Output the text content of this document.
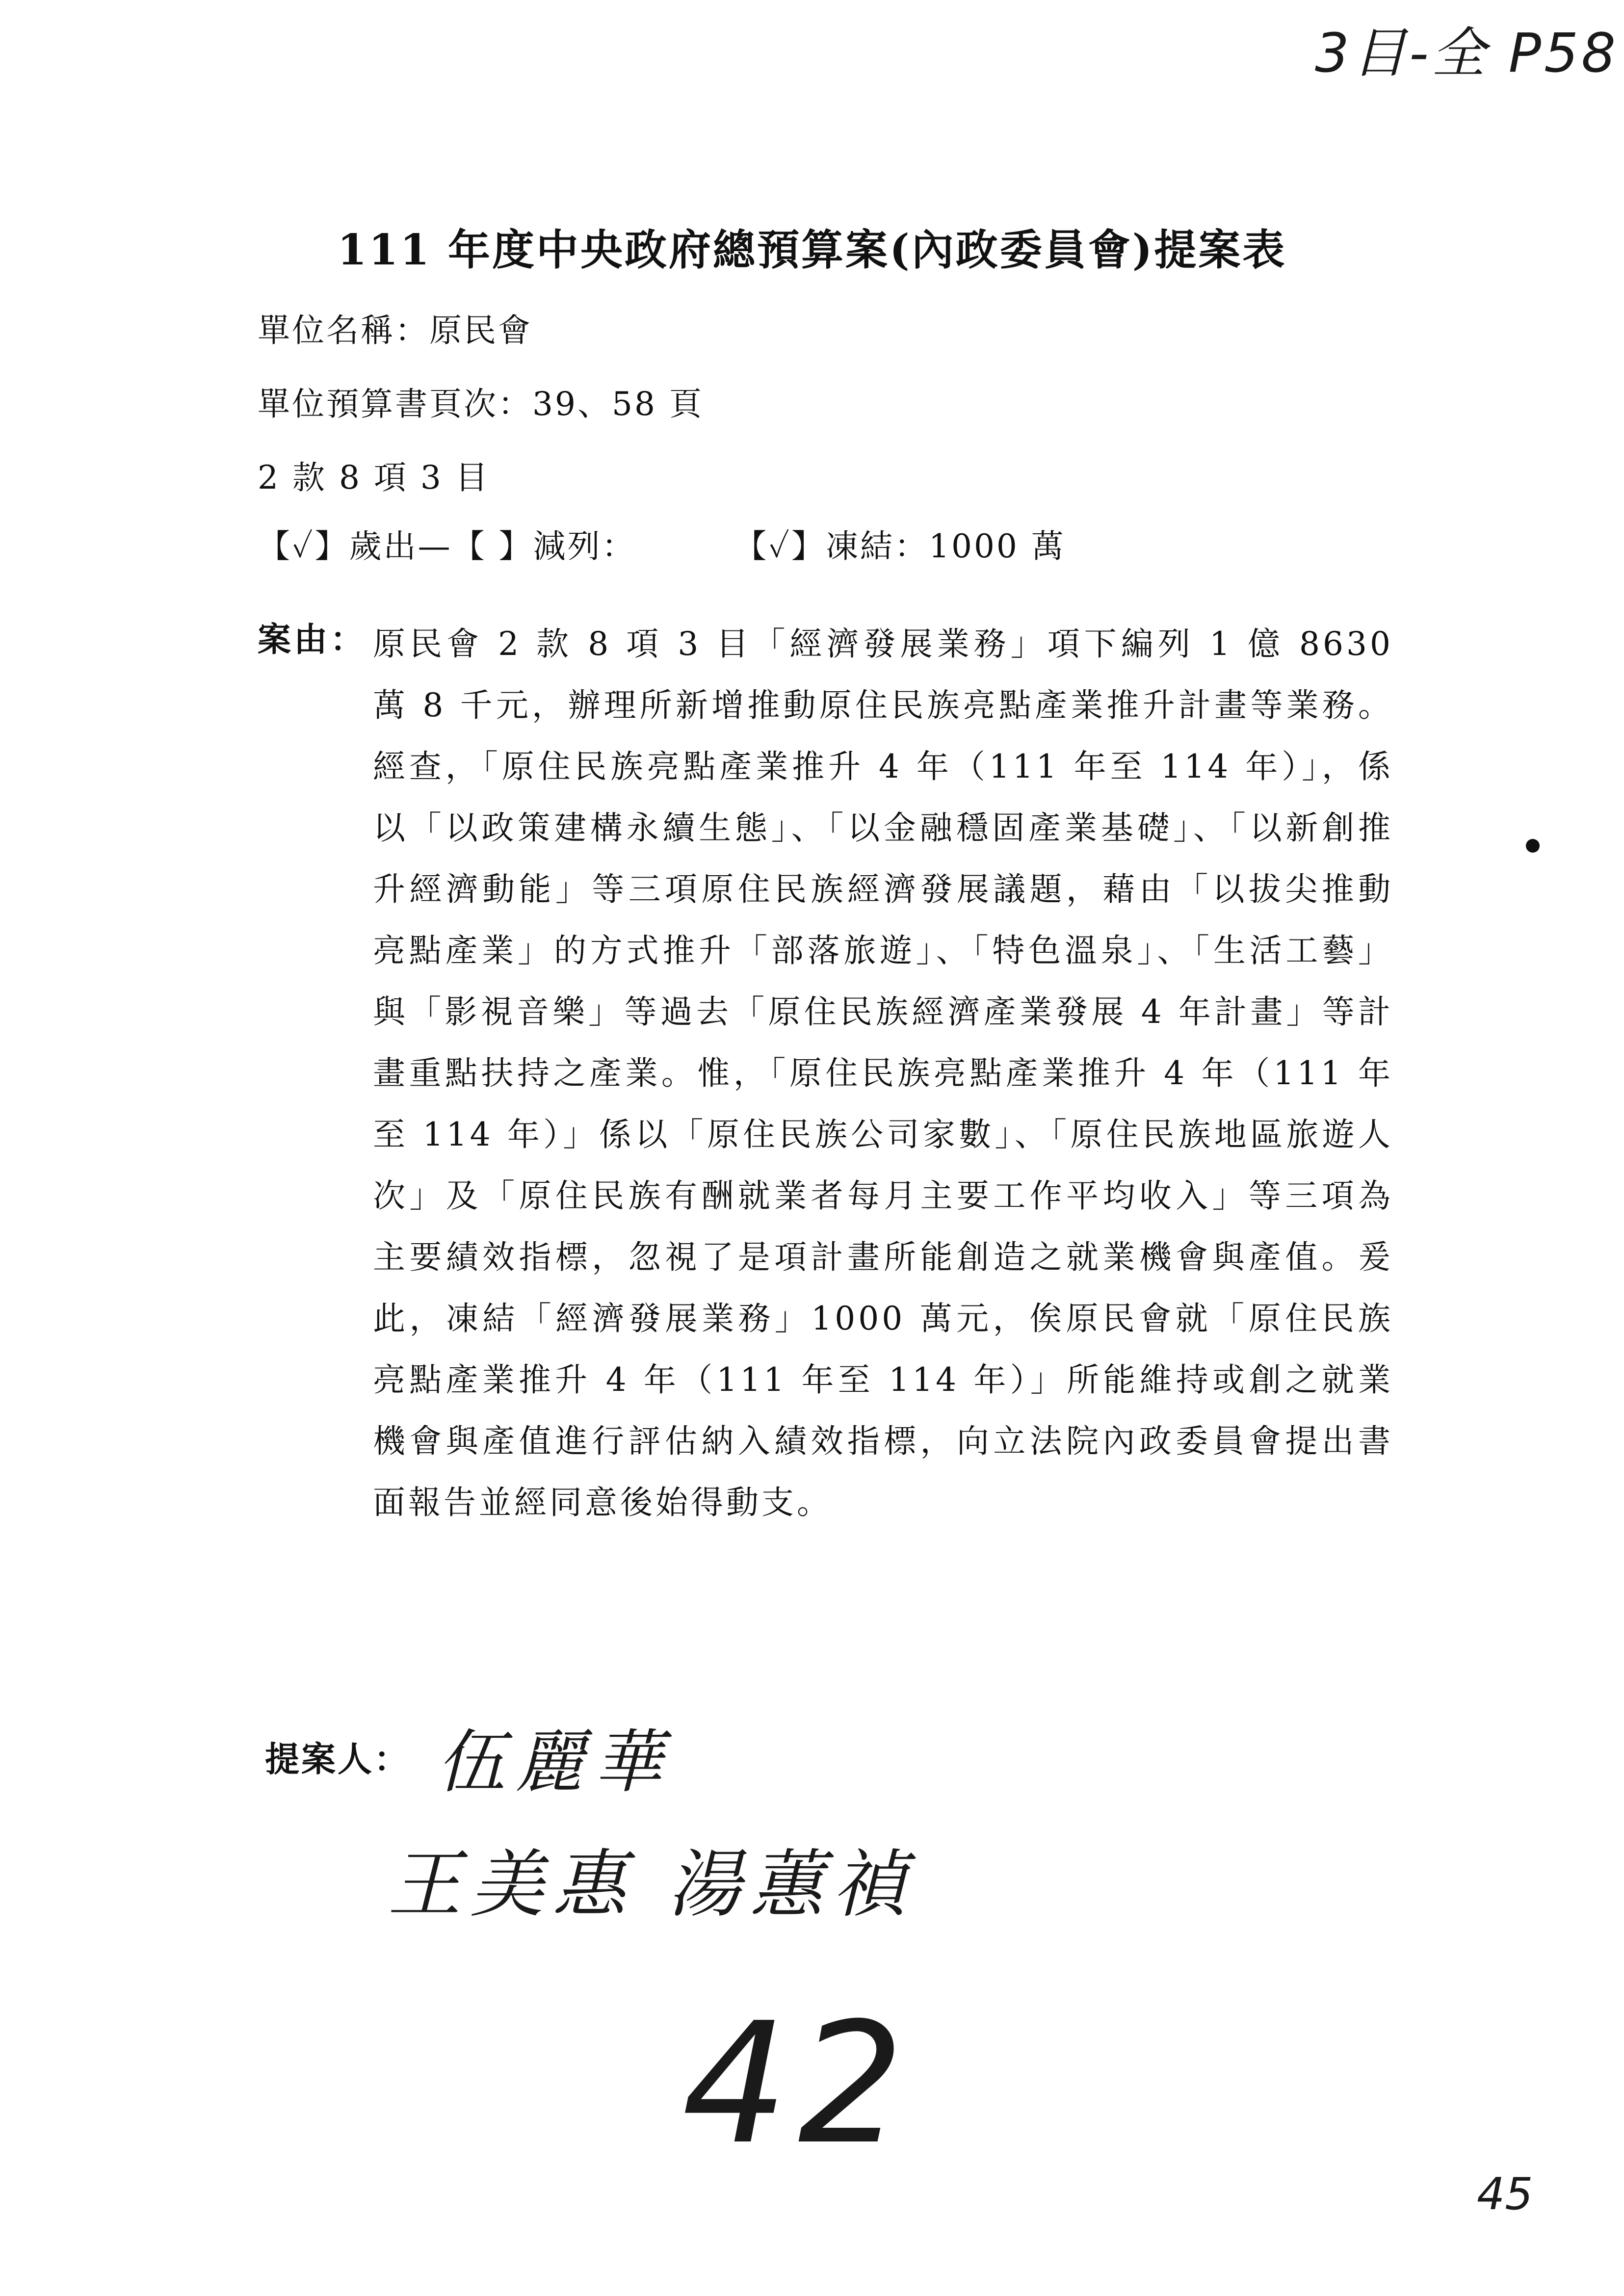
3目-全 P58
111 年度中央政府總預算案(內政委員會)提案表
單位名稱：原民會
單位預算書頁次：39、58 頁
2 款 8 項 3 目
【✓】歲出—【 】減列：        【✓】凍結：1000 萬
案由： 原民會 2 款 8 項 3 目「經濟發展業務」項下編列 1 億 8630 萬 8 千元，辦理所新增推動原住民族亮點產業推升計畫等業務。經查，「原住民族亮點產業推升 4 年（111 年至 114 年）」，係以「以政策建構永續生態」、「以金融穩固產業基礎」、「以新創推升經濟動能」等三項原住民族經濟發展議題，藉由「以拔尖推動亮點產業」的方式推升「部落旅遊」、「特色溫泉」、「生活工藝」與「影視音樂」等過去「原住民族經濟產業發展 4 年計畫」等計畫重點扶持之產業。惟，「原住民族亮點產業推升 4 年（111 年至 114 年）」係以「原住民族公司家數」、「原住民族地區旅遊人次」及「原住民族有酬就業者每月主要工作平均收入」等三項為主要績效指標，忽視了是項計畫所能創造之就業機會與產值。爰此，凍結「經濟發展業務」1000 萬元，俟原民會就「原住民族亮點產業推升 4 年（111 年至 114 年）」所能維持或創之就業機會與產值進行評估納入績效指標，向立法院內政委員會提出書面報告並經同意後始得動支。
提案人： 伍麗華
王美惠 湯蕙禎
42
45
